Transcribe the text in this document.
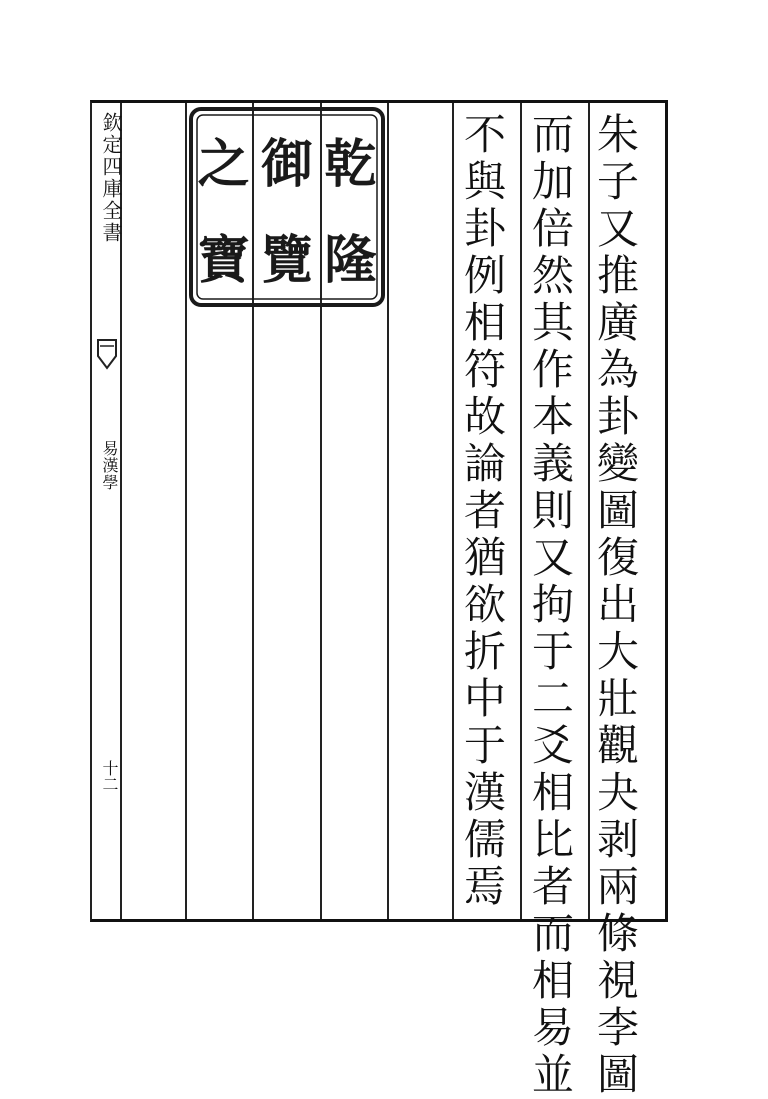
欽定四庫全書
易漢學
十二
乾
隆
御
覽
之
寶	朱子又推廣為卦變圖復出大壯觀夬剥兩條視李圖
而加倍然其作本義則又拘于二爻相比者而相易並
不與卦例相符故論者猶欲折中于漢儒焉
